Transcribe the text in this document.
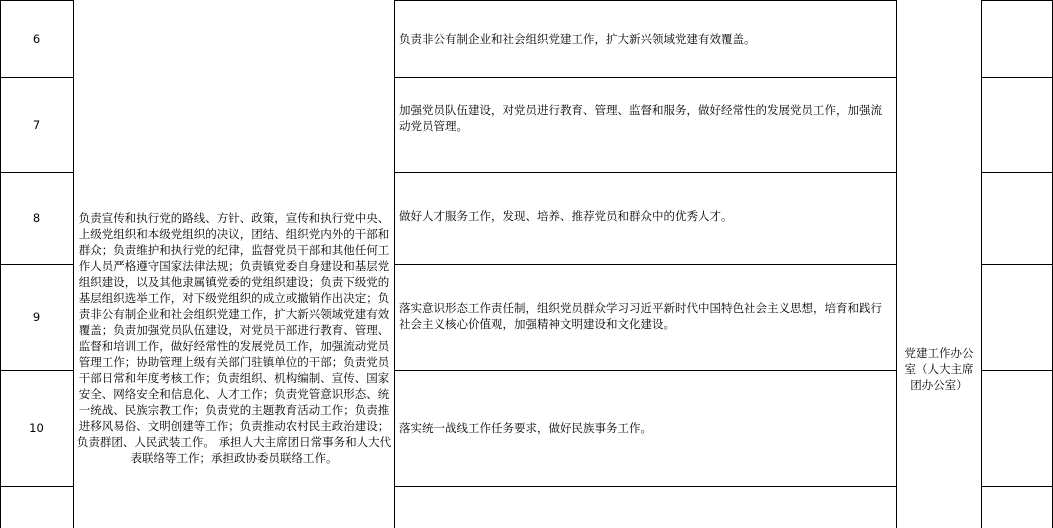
6
7
8
9
10
负责宣传和执行党的路线、方针、政策，宣传和执行党中央、上级党组织和本级党组织的决议，团结、组织党内外的干部和群众；负责维护和执行党的纪律，监督党员干部和其他任何工作人员严格遵守国家法律法规；负责镇党委自身建设和基层党组织建设，以及其他隶属镇党委的党组织建设；负责下级党的基层组织选举工作，对下级党组织的成立或撤销作出决定；负责非公有制企业和社会组织党建工作，扩大新兴领域党建有效覆盖；负责加强党员队伍建设，对党员干部进行教育、管理、监督和培训工作，做好经常性的发展党员工作，加强流动党员管理工作；协助管理上级有关部门驻镇单位的干部；负责党员干部日常和年度考核工作；负责组织、机构编制、宣传、国家安全、网络安全和信息化、人才工作；负责党管意识形态、统一统战、民族宗教工作；负责党的主题教育活动工作；负责推进移风易俗、文明创建等工作；负责推动农村民主政治建设；负责群团、人民武装工作。 承担人大主席团日常事务和人大代表联络等工作；承担政协委员联络工作。
负责非公有制企业和社会组织党建工作，扩大新兴领域党建有效覆盖。
加强党员队伍建设，对党员进行教育、管理、监督和服务，做好经常性的发展党员工作，加强流动党员管理。
做好人才服务工作，发现、培养、推荐党员和群众中的优秀人才。
落实意识形态工作责任制，组织党员群众学习习近平新时代中国特色社会主义思想，培育和践行社会主义核心价值观，加强精神文明建设和文化建设。
落实统一战线工作任务要求，做好民族事务工作。
党建工作办公室（人大主席团办公室）
